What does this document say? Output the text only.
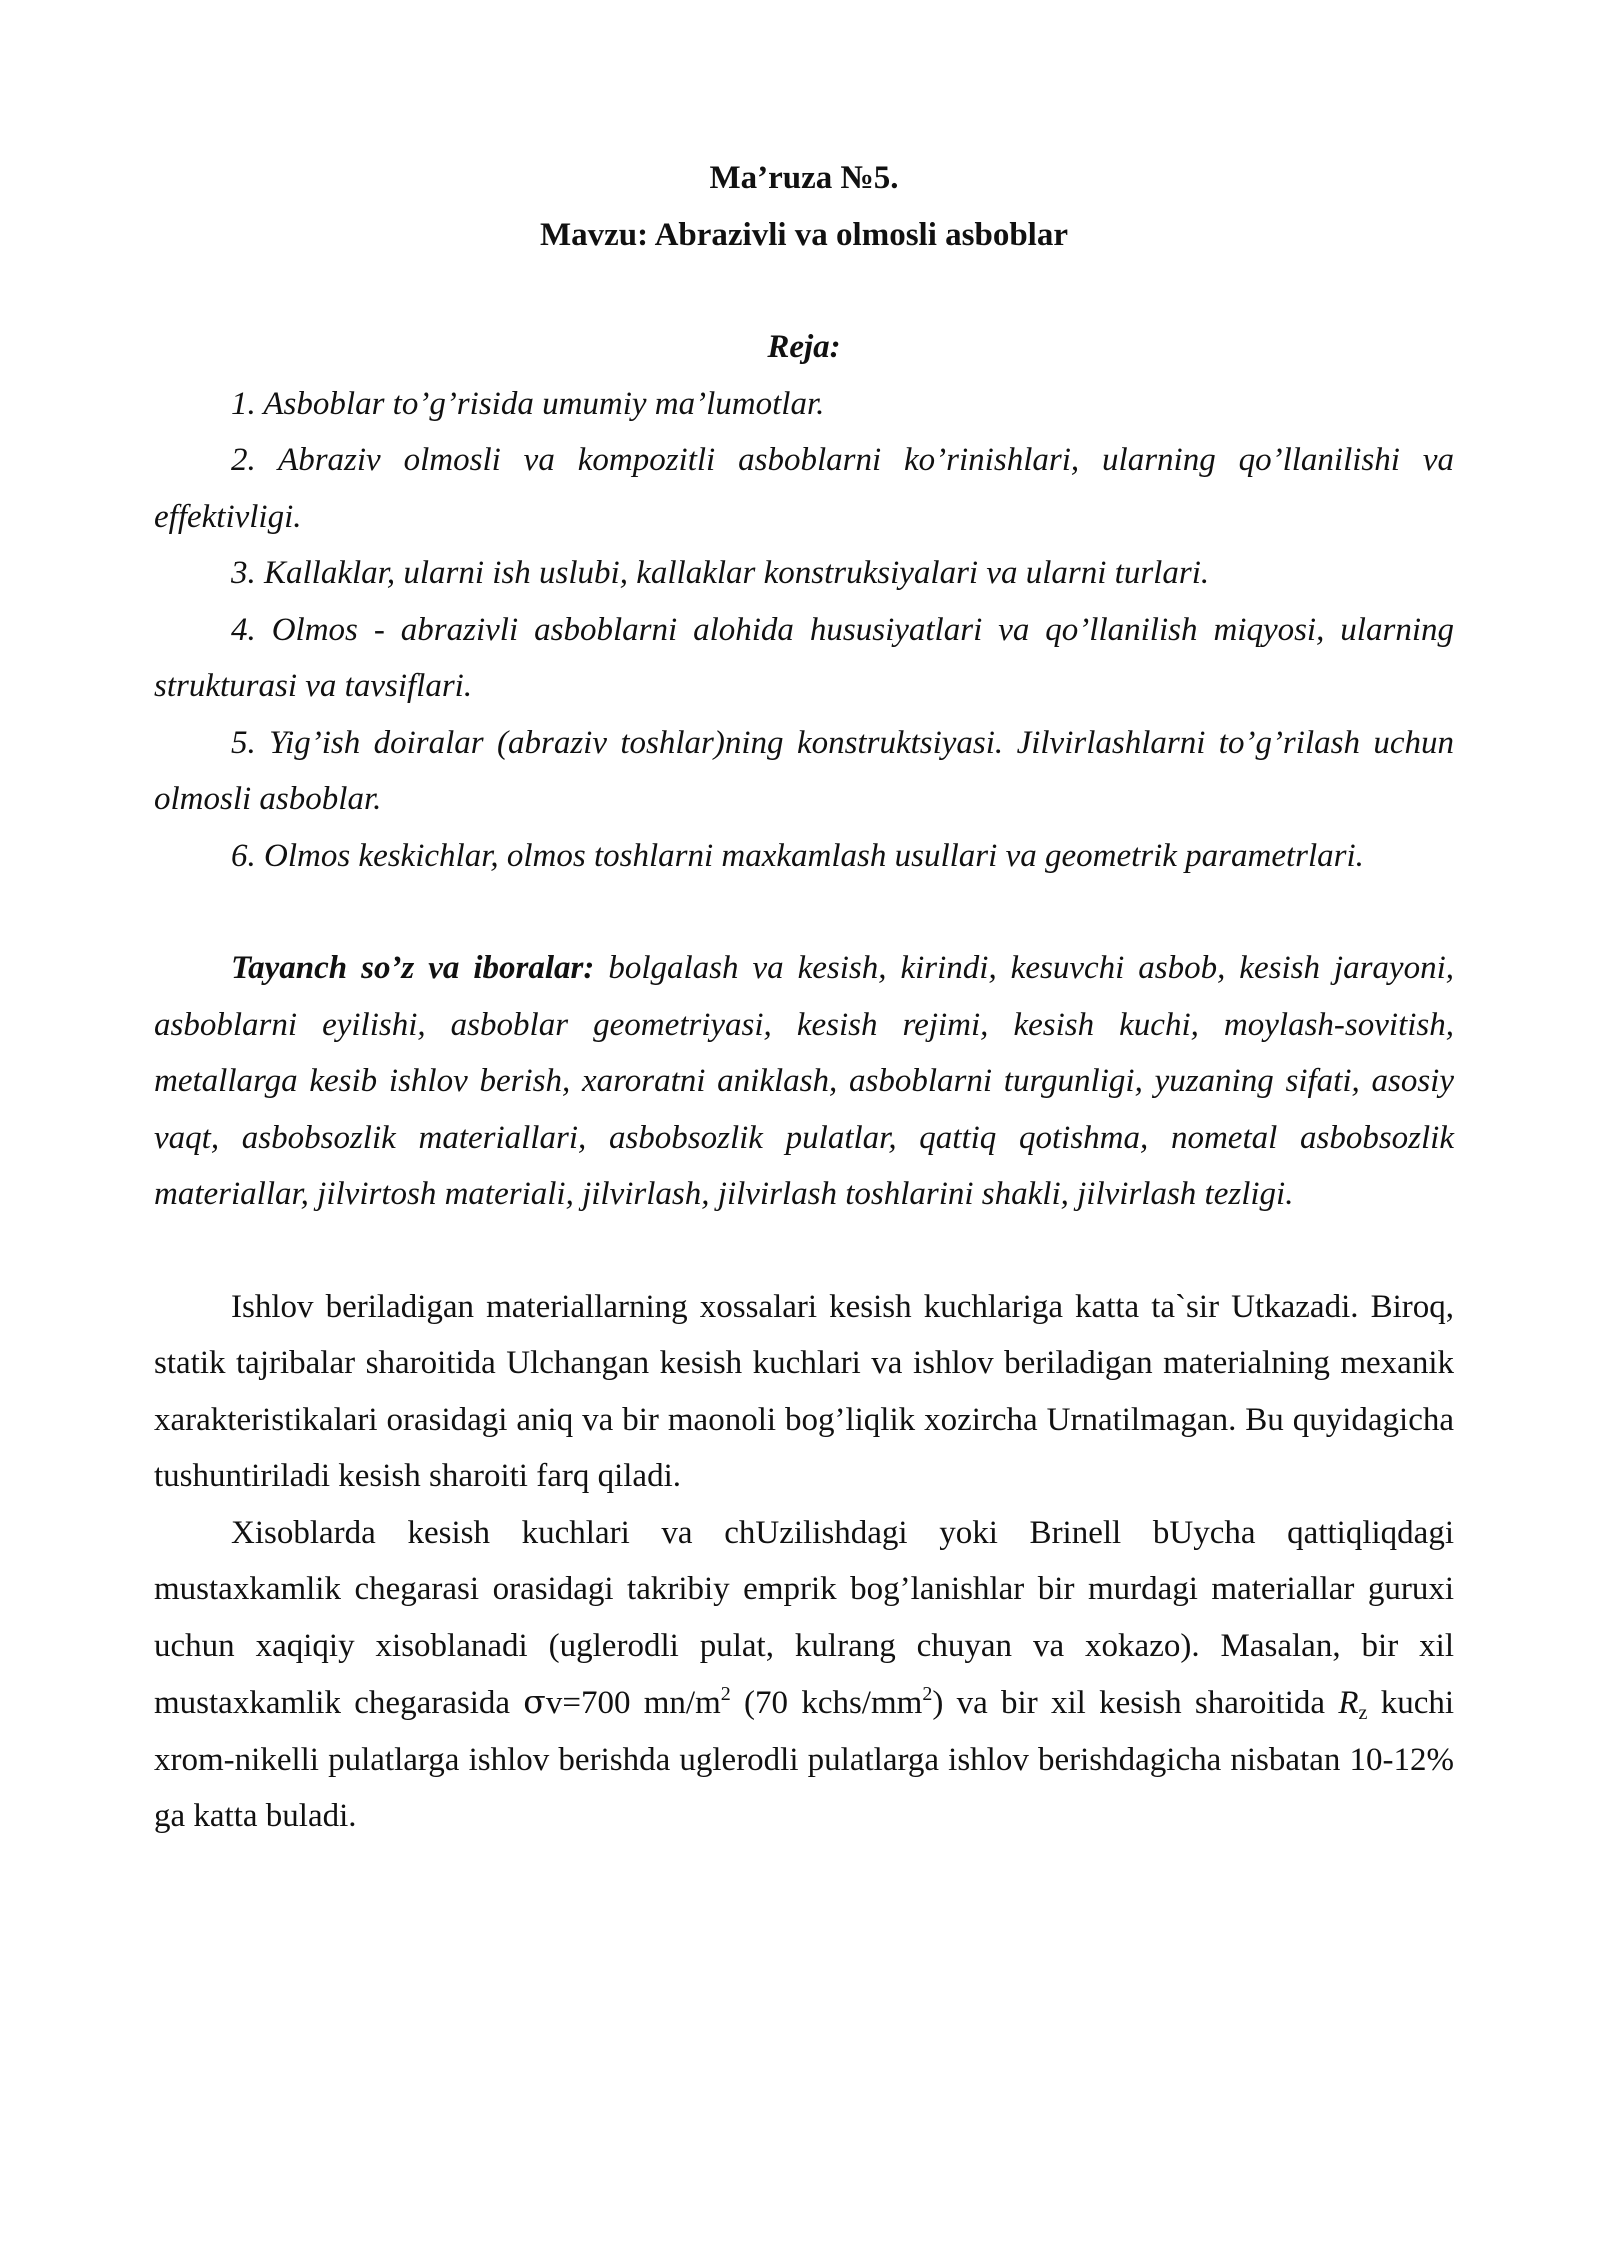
Ma’ruza №5.

Mavzu: Abrazivli va olmosli asboblar

Reja:

1. Asboblar to’g’risida umumiy ma’lumotlar.

2. Abraziv olmosli va kompozitli asboblarni ko’rinishlari, ularning qo’llanilishi va effektivligi.

3. Kallaklar, ularni ish uslubi, kallaklar konstruksiyalari va ularni turlari.

4. Olmos - abrazivli asboblarni alohida hususiyatlari va qo’llanilish miqyosi, ularning strukturasi va tavsiflari.

5. Yig’ish doiralar (abraziv toshlar)ning konstruktsiyasi. Jilvirlashlarni to’g’rilash uchun olmosli asboblar.

6. Olmos keskichlar, olmos toshlarni maxkamlash usullari va geometrik parametrlari.

Tayanch so’z va iboralar: bolgalash va kesish, kirindi, kesuvchi asbob, kesish jarayoni, asboblarni eyilishi, asboblar geometriyasi, kesish rejimi, kesish kuchi, moylash-sovitish, metallarga kesib ishlov berish, xaroratni aniklash, asboblarni turgunligi, yuzaning sifati, asosiy vaqt, asbobsozlik materiallari, asbobsozlik pulatlar, qattiq qotishma, nometal asbobsozlik materiallar, jilvirtosh materiali, jilvirlash, jilvirlash toshlarini shakli, jilvirlash tezligi.

Ishlov beriladigan materiallarning xossalari kesish kuchlariga katta ta`sir Utkazadi. Biroq, statik tajribalar sharoitida Ulchangan kesish kuchlari va ishlov beriladigan materialning mexanik xarakteristikalari orasidagi aniq va bir maonoli bog’liqlik xozircha Urnatilmagan. Bu quyidagicha tushuntiriladi kesish sharoiti farq qiladi.

Xisoblarda kesish kuchlari va chUzilishdagi yoki Brinell bUycha qattiqliqdagi mustaxkamlik chegarasi orasidagi takribiy emprik bog’lanishlar bir murdagi materiallar guruxi uchun xaqiqiy xisoblanadi (uglerodli pulat, kulrang chuyan va xokazo). Masalan, bir xil mustaxkamlik chegarasida σv=700 $mn/m^2$ (70 kchs/$mm^2$) va bir xil kesish sharoitida $R_z$ kuchi xrom-nikelli pulatlarga ishlov berishda uglerodli pulatlarga ishlov berishdagicha nisbatan 10-12% ga katta buladi.
